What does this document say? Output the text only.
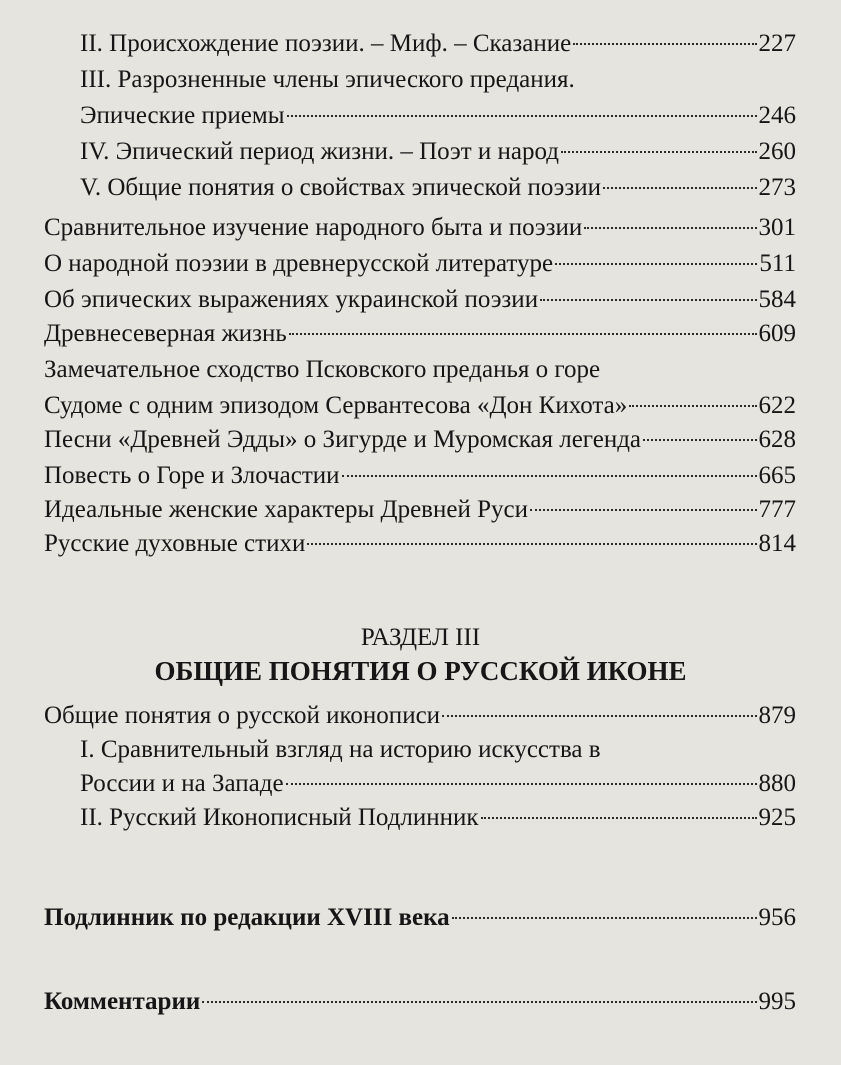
II. Происхождение поэзии. – Миф. – Сказание	227
III. Разрозненные члены эпического предания.
Эпические приемы	246
IV. Эпический период жизни. – Поэт и народ	260
V. Общие понятия о свойствах эпической поэзии	273
Сравнительное изучение народного быта и поэзии	301
О народной поэзии в древнерусской литературе	511
Об эпических выражениях украинской поэзии	584
Древнесеверная жизнь	609
Замечательное сходство Псковского преданья о горе
Судоме с одним эпизодом Сервантесова «Дон Кихота»	622
Песни «Древней Эдды» о Зигурде и Муромская легенда	628
Повесть о Горе и Злочастии	665
Идеальные женские характеры Древней Руси	777
Русские духовные стихи	814
РАЗДЕЛ III
ОБЩИЕ ПОНЯТИЯ О РУССКОЙ ИКОНЕ
Общие понятия о русской иконописи	879
I. Сравнительный взгляд на историю искусства в
России и на Западе	880
II. Русский Иконописный Подлинник	925
Подлинник по редакции XVIII века	956
Комментарии	995
